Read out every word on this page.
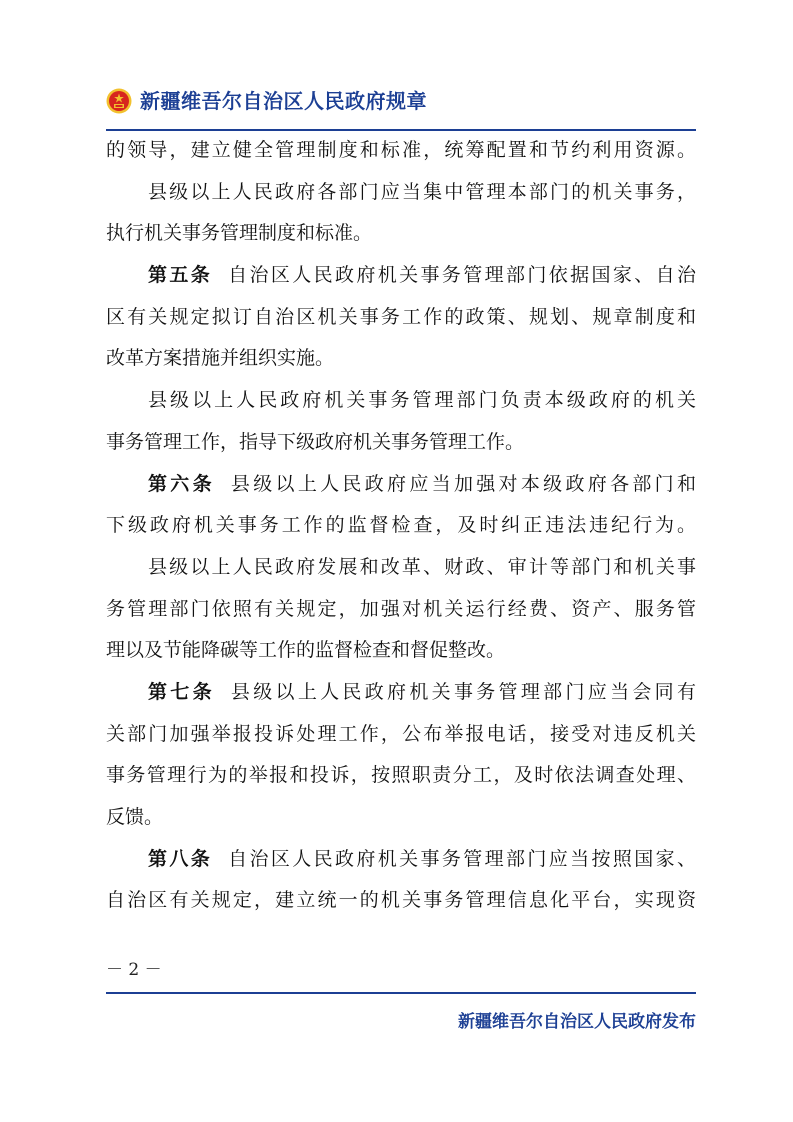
新疆维吾尔自治区人民政府规章
的领导，建立健全管理制度和标准，统筹配置和节约利用资源。
县级以上人民政府各部门应当集中管理本部门的机关事务，
执行机关事务管理制度和标准。
第五条 自治区人民政府机关事务管理部门依据国家、自治
区有关规定拟订自治区机关事务工作的政策、规划、规章制度和
改革方案措施并组织实施。
县级以上人民政府机关事务管理部门负责本级政府的机关
事务管理工作，指导下级政府机关事务管理工作。
第六条 县级以上人民政府应当加强对本级政府各部门和
下级政府机关事务工作的监督检查，及时纠正违法违纪行为。
县级以上人民政府发展和改革、财政、审计等部门和机关事
务管理部门依照有关规定，加强对机关运行经费、资产、服务管
理以及节能降碳等工作的监督检查和督促整改。
第七条 县级以上人民政府机关事务管理部门应当会同有
关部门加强举报投诉处理工作，公布举报电话，接受对违反机关
事务管理行为的举报和投诉，按照职责分工，及时依法调查处理、
反馈。
第八条 自治区人民政府机关事务管理部门应当按照国家、
自治区有关规定，建立统一的机关事务管理信息化平台，实现资
－ 2 －
新疆维吾尔自治区人民政府发布
